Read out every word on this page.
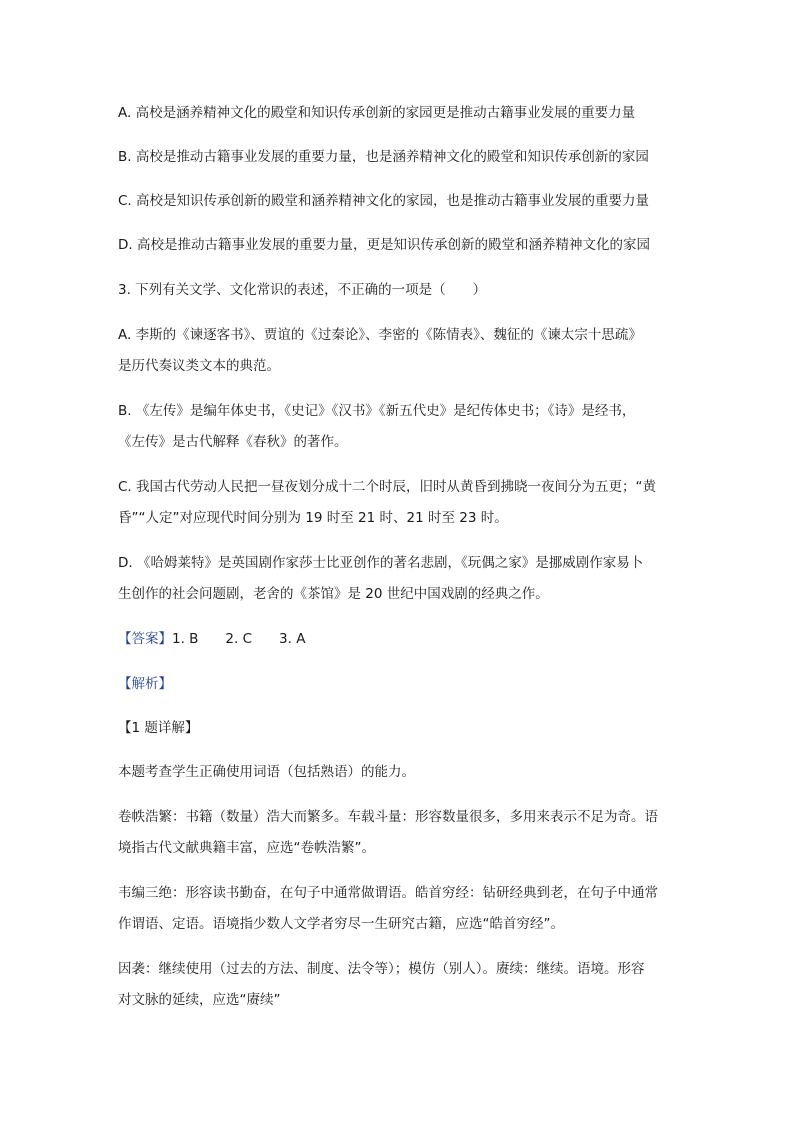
A. 高校是涵养精神文化的殿堂和知识传承创新的家园更是推动古籍事业发展的重要力量
B. 高校是推动古籍事业发展的重要力量，也是涵养精神文化的殿堂和知识传承创新的家园
C. 高校是知识传承创新的殿堂和涵养精神文化的家园，也是推动古籍事业发展的重要力量
D. 高校是推动古籍事业发展的重要力量，更是知识传承创新的殿堂和涵养精神文化的家园
3. 下列有关文学、文化常识的表述，不正确的一项是（　　）
A. 李斯的《谏逐客书》、贾谊的《过秦论》、李密的《陈情表》、魏征的《谏太宗十思疏》
是历代奏议类文本的典范。
B. 《左传》是编年体史书，《史记》《汉书》《新五代史》是纪传体史书；《诗》是经书，
《左传》是古代解释《春秋》的著作。
C. 我国古代劳动人民把一昼夜划分成十二个时辰，旧时从黄昏到拂晓一夜间分为五更；“黄
昏”“人定”对应现代时间分别为 19 时至 21 时、21 时至 23 时。
D. 《哈姆莱特》是英国剧作家莎士比亚创作的著名悲剧，《玩偶之家》是挪威剧作家易卜
生创作的社会问题剧，老舍的《茶馆》是 20 世纪中国戏剧的经典之作。
【答案】1. B　　2. C　　3. A
【解析】
【1 题详解】
本题考查学生正确使用词语（包括熟语）的能力。
卷帙浩繁：书籍（数量）浩大而繁多。车载斗量：形容数量很多，多用来表示不足为奇。语
境指古代文献典籍丰富，应选“卷帙浩繁”。
韦编三绝：形容读书勤奋，在句子中通常做谓语。皓首穷经：钻研经典到老，在句子中通常
作谓语、定语。语境指少数人文学者穷尽一生研究古籍，应选“皓首穷经”。
因袭：继续使用（过去的方法、制度、法令等）；模仿（别人）。赓续：继续。语境。形容
对文脉的延续，应选“赓续”
